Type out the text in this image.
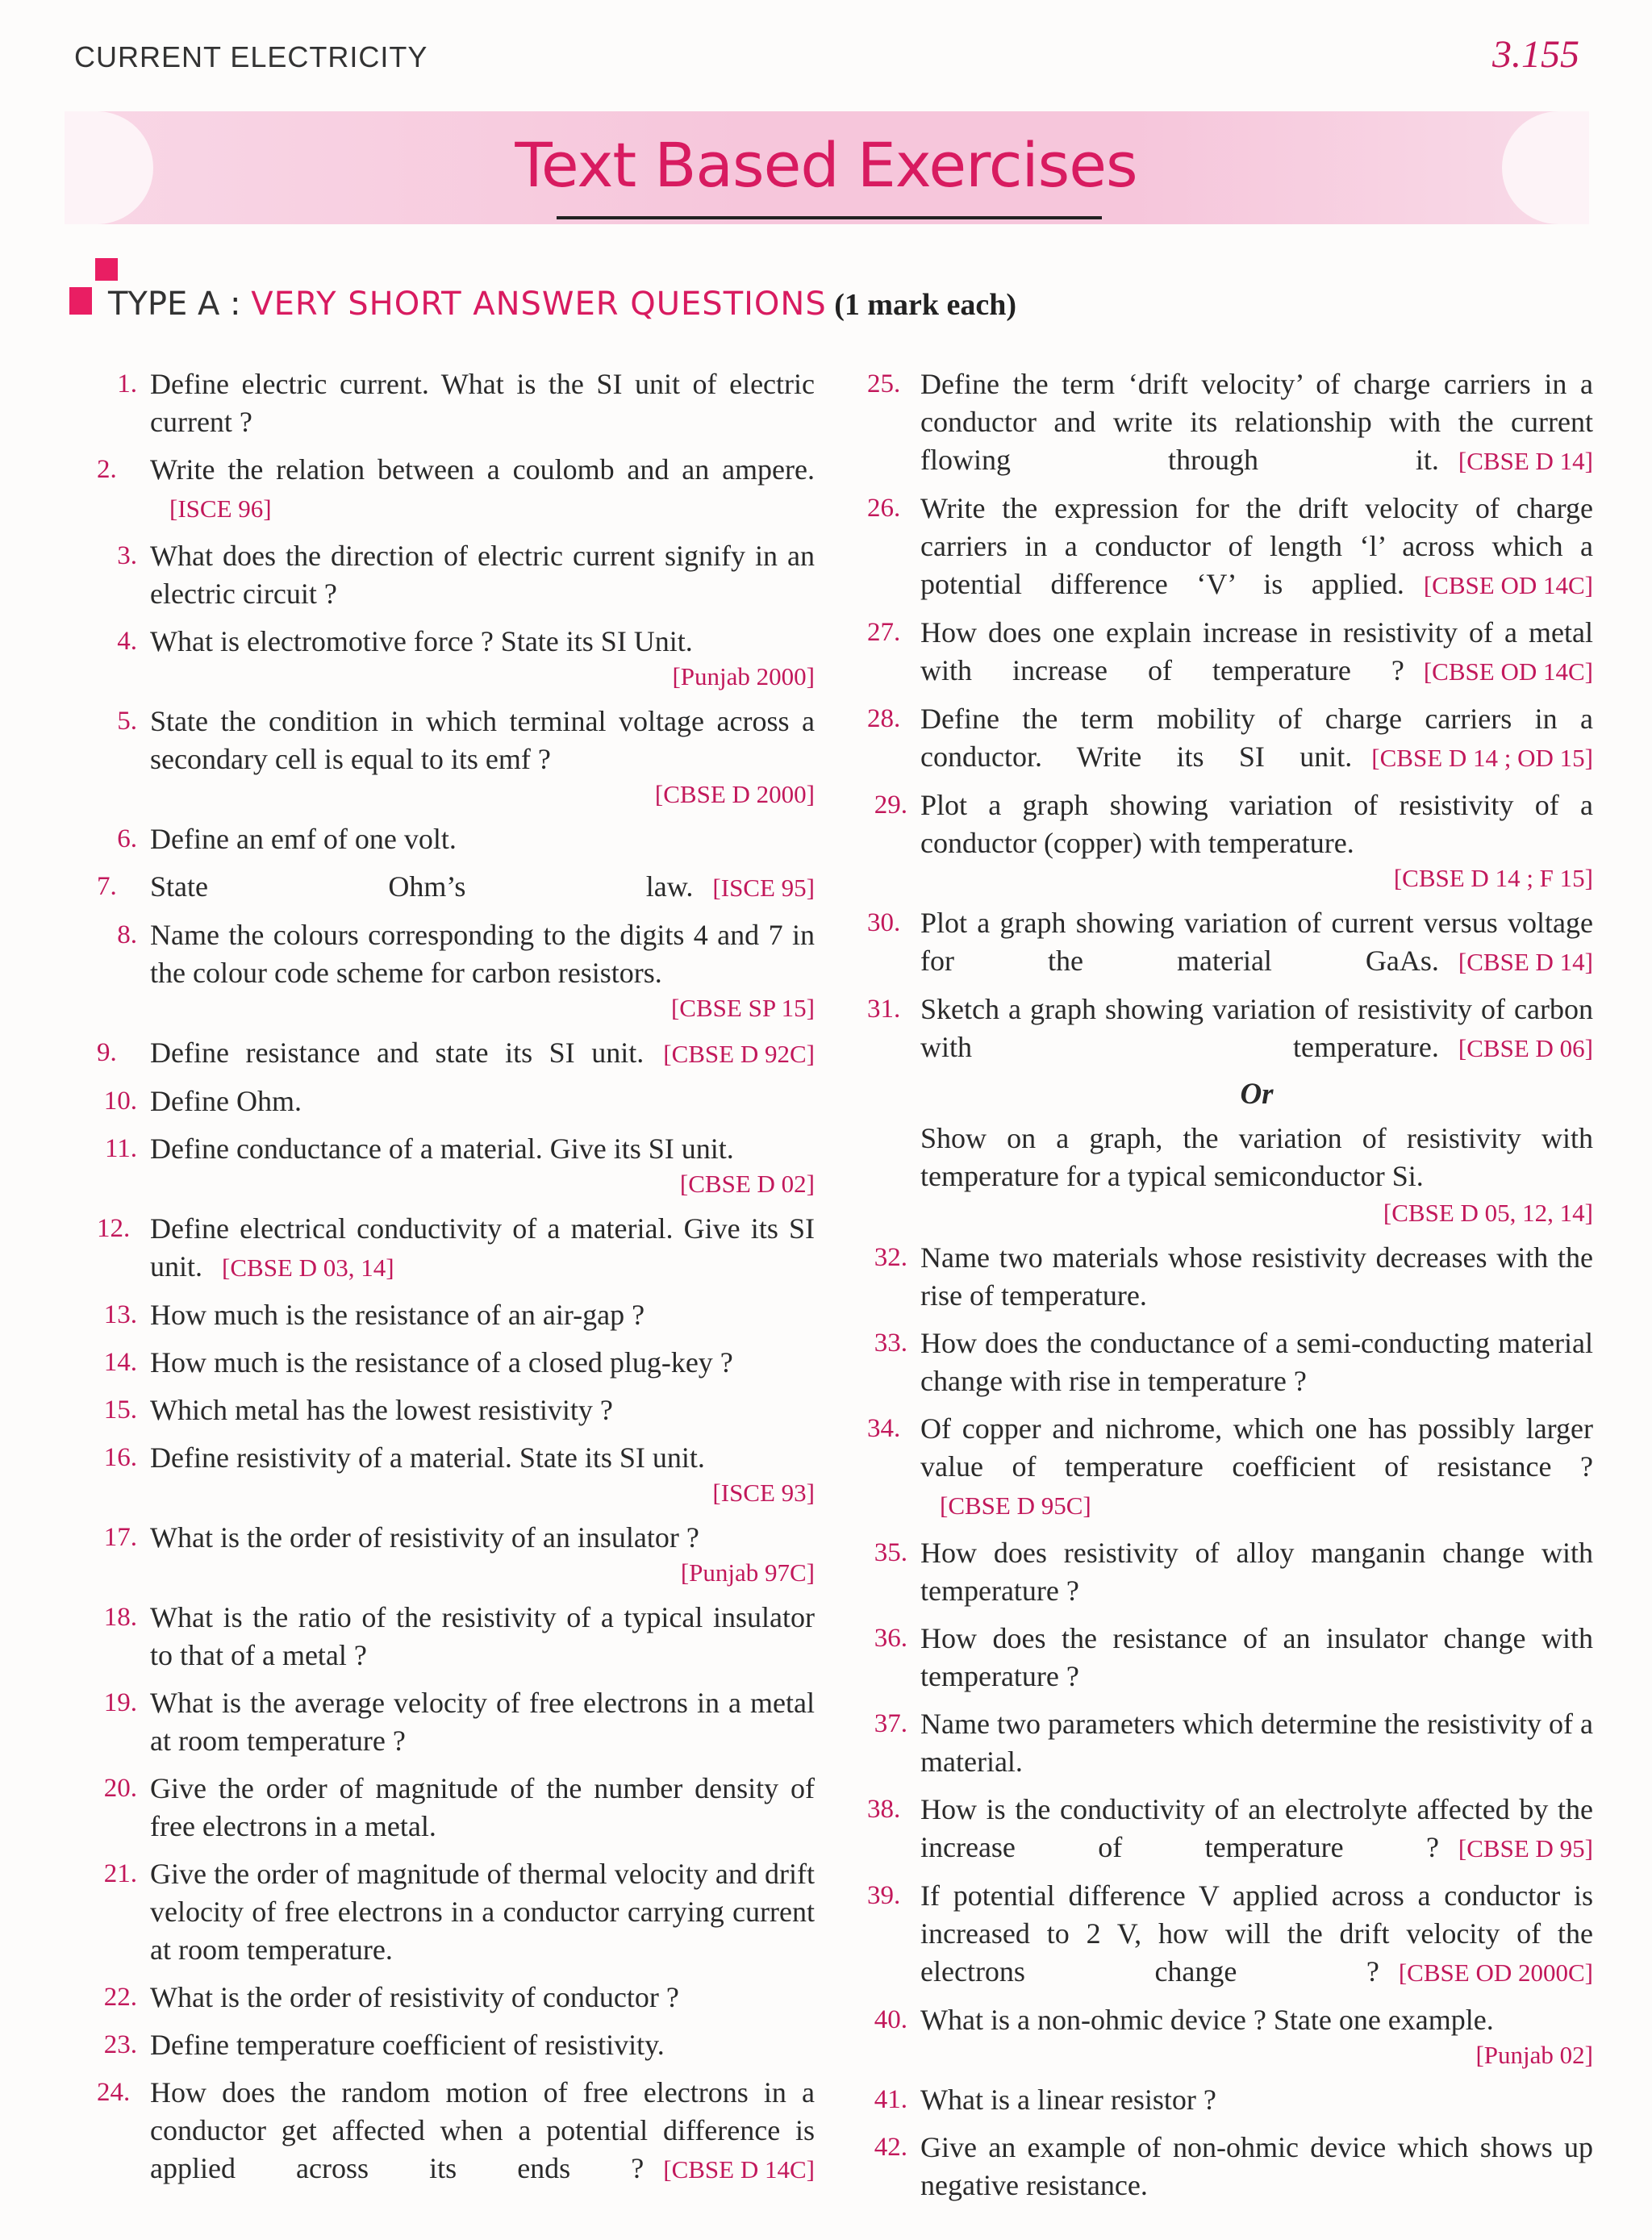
CURRENT ELECTRICITY	3.155
Text Based Exercises
TYPE A : VERY SHORT ANSWER QUESTIONS (1 mark each)
1. Define electric current. What is the SI unit of electric current ?
2.	Write the relation between a coulomb and an ampere.[ISCE 96]
3. What does the direction of electric current signify in an electric circuit ?
4. What is electromotive force ? State its SI Unit.
[Punjab 2000]
5. State the condition in which terminal voltage across a secondary cell is equal to its emf ?
[CBSE D 2000]
6. Define an emf of one volt.
7.	State Ohm’s law. [ISCE 95]
8. Name the colours corresponding to the digits 4 and 7 in the colour code scheme for carbon resistors.
[CBSE SP 15]
9.	Define resistance and state its SI unit. [CBSE D 92C]
10. Define Ohm.
11. Define conductance of a material. Give its SI unit.
[CBSE D 02]
12. Define electrical conductivity of a material. Give its SI unit. [CBSE D 03, 14]
13. How much is the resistance of an air-gap ?
14. How much is the resistance of a closed plug-key ?
15. Which metal has the lowest resistivity ?
16. Define resistivity of a material. State its SI unit.
[ISCE 93]
17. What is the order of resistivity of an insulator ?
[Punjab 97C]
18. What is the ratio of the resistivity of a typical insulator to that of a metal ?
19. What is the average velocity of free electrons in a metal at room temperature ?
20. Give the order of magnitude of the number density of free electrons in a metal.
21. Give the order of magnitude of thermal velocity and drift velocity of free electrons in a conductor carrying current at room temperature.
22. What is the order of resistivity of conductor ?
23. Define temperature coefficient of resistivity.
24. How does the random motion of free electrons in a conductor get affected when a potential difference is applied across its ends ? [CBSE D 14C]
25. Define the term ‘drift velocity’ of charge carriers in a conductor and write its relationship with the current flowing through it. [CBSE D 14]
26. Write the expression for the drift velocity of charge carriers in a conductor of length ‘l’ across which a potential difference ‘V’ is applied. [CBSE OD 14C]
27. How does one explain increase in resistivity of a metal with increase of temperature ? [CBSE OD 14C]
28. Define the term mobility of charge carriers in a conductor. Write its SI unit. [CBSE D 14 ; OD 15]
29. Plot a graph showing variation of resistivity of a conductor (copper) with temperature.
[CBSE D 14 ; F 15]
30. Plot a graph showing variation of current versus voltage for the material GaAs. [CBSE D 14]
31. Sketch a graph showing variation of resistivity of carbon with temperature. [CBSE D 06]
Or
Show on a graph, the variation of resistivity with temperature for a typical semiconductor Si.
[CBSE D 05, 12, 14]
32. Name two materials whose resistivity decreases with the rise of temperature.
33. How does the conductance of a semi-conducting material change with rise in temperature ?
34. Of copper and nichrome, which one has possibly larger value of temperature coefficient of resistance ?[CBSE D 95C]
35. How does resistivity of alloy manganin change with temperature ?
36. How does the resistance of an insulator change with temperature ?
37. Name two parameters which determine the resistivity of a material.
38. How is the conductivity of an electrolyte affected by the increase of temperature ? [CBSE D 95]
39. If potential difference V applied across a conductor is increased to 2 V, how will the drift velocity of the electrons change ? [CBSE OD 2000C]
40. What is a non-ohmic device ? State one example.
[Punjab 02]
41. What is a linear resistor ?
42. Give an example of non-ohmic device which shows up negative resistance.
